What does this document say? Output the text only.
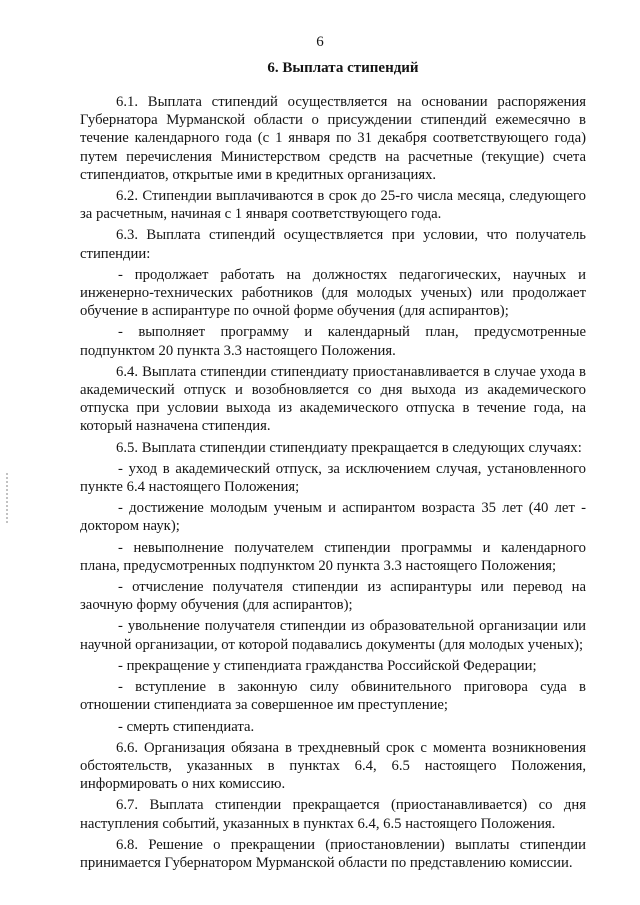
6
6. Выплата стипендий

6.1. Выплата стипендий осуществляется на основании распоряжения Губернатора Мурманской области о присуждении стипендий ежемесячно в течение календарного года (с 1 января по 31 декабря соответствующего года) путем перечисления Министерством средств на расчетные (текущие) счета стипендиатов, открытые ими в кредитных организациях.

6.2. Стипендии выплачиваются в срок до 25-го числа месяца, следующего за расчетным, начиная с 1 января соответствующего года.

6.3. Выплата стипендий осуществляется при условии, что получатель стипендии:

- продолжает работать на должностях педагогических, научных и инженерно-технических работников (для молодых ученых) или продолжает обучение в аспирантуре по очной форме обучения (для аспирантов);

- выполняет программу и календарный план, предусмотренные подпунктом 20 пункта 3.3 настоящего Положения.

6.4. Выплата стипендии стипендиату приостанавливается в случае ухода в академический отпуск и возобновляется со дня выхода из академического отпуска при условии выхода из академического отпуска в течение года, на который назначена стипендия.

6.5. Выплата стипендии стипендиату прекращается в следующих случаях:

- уход в академический отпуск, за исключением случая, установленного пункте 6.4 настоящего Положения;

- достижение молодым ученым и аспирантом возраста 35 лет (40 лет - доктором наук);

- невыполнение получателем стипендии программы и календарного плана, предусмотренных подпунктом 20 пункта 3.3 настоящего Положения;

- отчисление получателя стипендии из аспирантуры или перевод на заочную форму обучения (для аспирантов);

- увольнение получателя стипендии из образовательной организации или научной организации, от которой подавались документы (для молодых ученых);

- прекращение у стипендиата гражданства Российской Федерации;

- вступление в законную силу обвинительного приговора суда в отношении стипендиата за совершенное им преступление;

- смерть стипендиата.

6.6. Организация обязана в трехдневный срок с момента возникновения обстоятельств, указанных в пунктах 6.4, 6.5 настоящего Положения, информировать о них комиссию.

6.7. Выплата стипендии прекращается (приостанавливается) со дня наступления событий, указанных в пунктах 6.4, 6.5 настоящего Положения.

6.8. Решение о прекращении (приостановлении) выплаты стипендии принимается Губернатором Мурманской области по представлению комиссии.
